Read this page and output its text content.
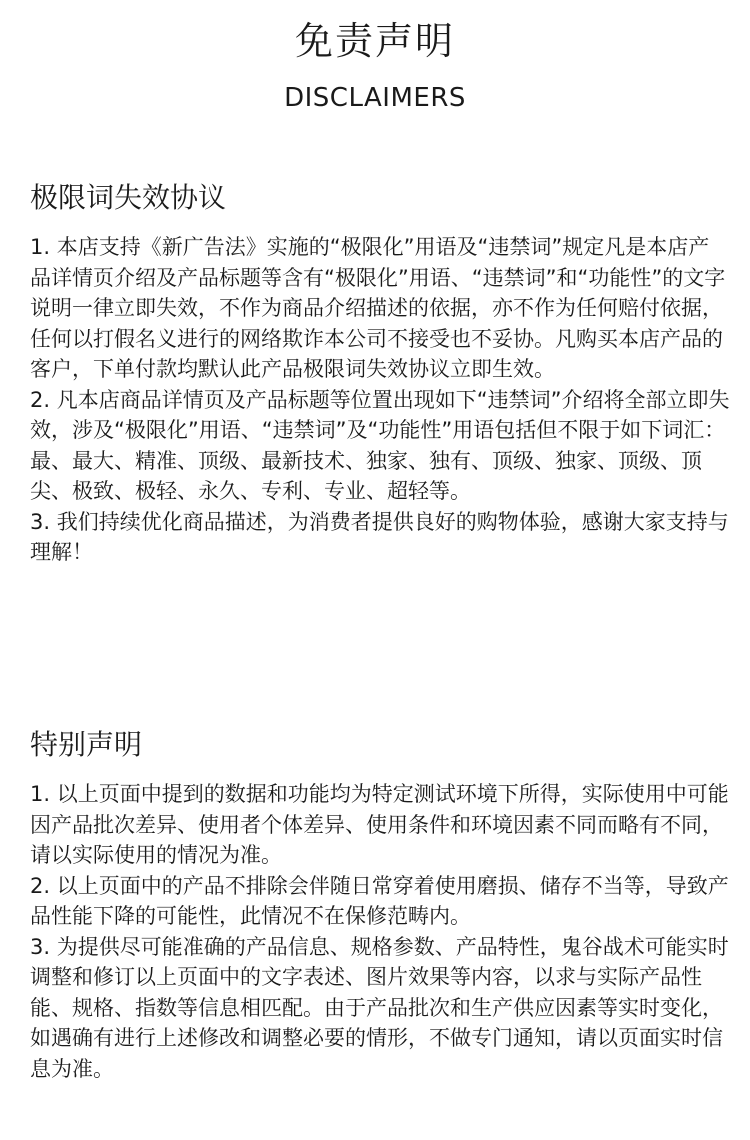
免责声明

DISCLAIMERS

极限词失效协议

1. 本店支持《新广告法》实施的“极限化”用语及“违禁词”规定凡是本店产品详情页介绍及产品标题等含有“极限化”用语、“违禁词”和“功能性”的文字说明一律立即失效，不作为商品介绍描述的依据，亦不作为任何赔付依据，任何以打假名义进行的网络欺诈本公司不接受也不妥协。凡购买本店产品的客户，下单付款均默认此产品极限词失效协议立即生效。

2. 凡本店商品详情页及产品标题等位置出现如下“违禁词”介绍将全部立即失效，涉及“极限化”用语、“违禁词”及“功能性”用语包括但不限于如下词汇：最、最大、精准、顶级、最新技术、独家、独有、顶级、独家、顶级、顶尖、极致、极轻、永久、专利、专业、超轻等。

3. 我们持续优化商品描述，为消费者提供良好的购物体验，感谢大家支持与理解！

特别声明

1. 以上页面中提到的数据和功能均为特定测试环境下所得，实际使用中可能因产品批次差异、使用者个体差异、使用条件和环境因素不同而略有不同，请以实际使用的情况为准。

2. 以上页面中的产品不排除会伴随日常穿着使用磨损、储存不当等，导致产品性能下降的可能性，此情况不在保修范畴内。

3. 为提供尽可能准确的产品信息、规格参数、产品特性，鬼谷战术可能实时调整和修订以上页面中的文字表述、图片效果等内容，以求与实际产品性能、规格、指数等信息相匹配。由于产品批次和生产供应因素等实时变化，如遇确有进行上述修改和调整必要的情形，不做专门通知，请以页面实时信息为准。
